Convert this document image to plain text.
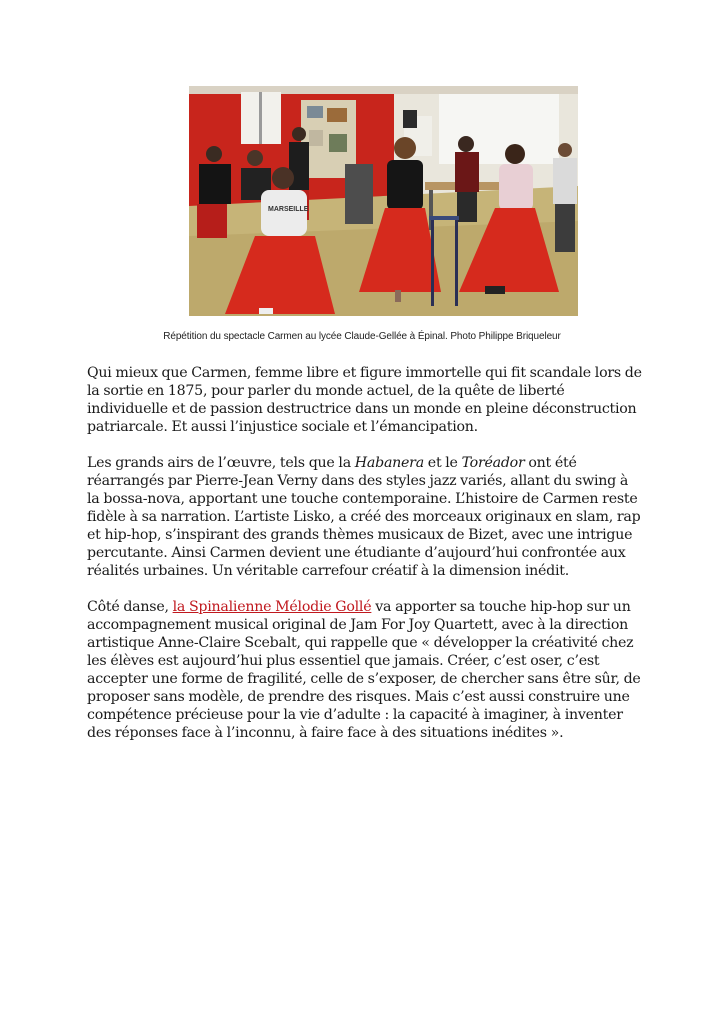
MARSEILLE
Répétition du spectacle Carmen au lycée Claude-Gellée à Épinal. Photo Philippe Briqueleur

Qui mieux que Carmen, femme libre et figure immortelle qui fit scandale lors de la sortie en 1875, pour parler du monde actuel, de la quête de liberté individuelle et de passion destructrice dans un monde en pleine déconstruction patriarcale. Et aussi l’injustice sociale et l’émancipation.

Les grands airs de l’œuvre, tels que la Habanera et le Toréador ont été réarrangés par Pierre-Jean Verny dans des styles jazz variés, allant du swing à la bossa-nova, apportant une touche contemporaine. L’histoire de Carmen reste fidèle à sa narration. L’artiste Lisko, a créé des morceaux originaux en slam, rap et hip-hop, s’inspirant des grands thèmes musicaux de Bizet, avec une intrigue percutante. Ainsi Carmen devient une étudiante d’aujourd’hui confrontée aux réalités urbaines. Un véritable carrefour créatif à la dimension inédit.

Côté danse, la Spinalienne Mélodie Gollé va apporter sa touche hip-hop sur un accompagnement musical original de Jam For Joy Quartett, avec à la direction artistique Anne-Claire Scebalt, qui rappelle que « développer la créativité chez les élèves est aujourd’hui plus essentiel que jamais. Créer, c’est oser, c’est accepter une forme de fragilité, celle de s’exposer, de chercher sans être sûr, de proposer sans modèle, de prendre des risques. Mais c’est aussi construire une compétence précieuse pour la vie d’adulte : la capacité à imaginer, à inventer des réponses face à l’inconnu, à faire face à des situations inédites ».
